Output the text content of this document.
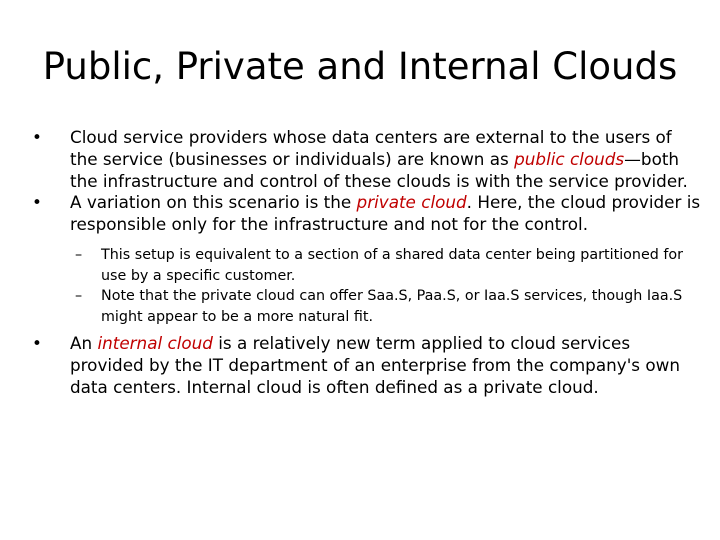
Public, Private and Internal Clouds
• Cloud service providers whose data centers are external to the users of the service (businesses or individuals) are known as public clouds—both the infrastructure and control of these clouds is with the service provider.
• A variation on this scenario is the private cloud. Here, the cloud provider is responsible only for the infrastructure and not for the control.
– This setup is equivalent to a section of a shared data center being partitioned for use by a specific customer.
– Note that the private cloud can offer Saa.S, Paa.S, or Iaa.S services, though Iaa.S might appear to be a more natural fit.
• An internal cloud is a relatively new term applied to cloud services provided by the IT department of an enterprise from the company's own data centers. Internal cloud is often defined as a private cloud.
